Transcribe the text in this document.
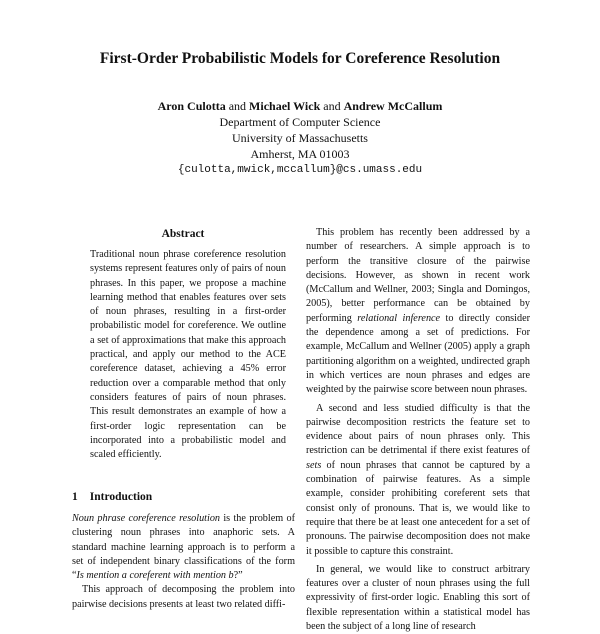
First-Order Probabilistic Models for Coreference Resolution
Aron Culotta and Michael Wick and Andrew McCallum
Department of Computer Science
University of Massachusetts
Amherst, MA 01003
{culotta,mwick,mccallum}@cs.umass.edu
Abstract
Traditional noun phrase coreference resolution systems represent features only of pairs of noun phrases. In this paper, we propose a machine learning method that enables features over sets of noun phrases, resulting in a first-order probabilistic model for coreference. We outline a set of approximations that make this approach practical, and apply our method to the ACE coreference dataset, achieving a 45% error reduction over a comparable method that only considers features of pairs of noun phrases. This result demonstrates an example of how a first-order logic representation can be incorporated into a probabilistic model and scaled efficiently.
1 Introduction

Noun phrase coreference resolution is the problem of clustering noun phrases into anaphoric sets. A standard machine learning approach is to perform a set of independent binary classifications of the form “Is mention a coreferent with mention b?”

This approach of decomposing the problem into pairwise decisions presents at least two related diffi-

This problem has recently been addressed by a number of researchers. A simple approach is to perform the transitive closure of the pairwise decisions. However, as shown in recent work (McCallum and Wellner, 2003; Singla and Domingos, 2005), better performance can be obtained by performing relational inference to directly consider the dependence among a set of predictions. For example, McCallum and Wellner (2005) apply a graph partitioning algorithm on a weighted, undirected graph in which vertices are noun phrases and edges are weighted by the pairwise score between noun phrases.

A second and less studied difficulty is that the pairwise decomposition restricts the feature set to evidence about pairs of noun phrases only. This restriction can be detrimental if there exist features of sets of noun phrases that cannot be captured by a combination of pairwise features. As a simple example, consider prohibiting coreferent sets that consist only of pronouns. That is, we would like to require that there be at least one antecedent for a set of pronouns. The pairwise decomposition does not make it possible to capture this constraint.

In general, we would like to construct arbitrary features over a cluster of noun phrases using the full expressivity of first-order logic. Enabling this sort of flexible representation within a statistical model has been the subject of a long line of research
